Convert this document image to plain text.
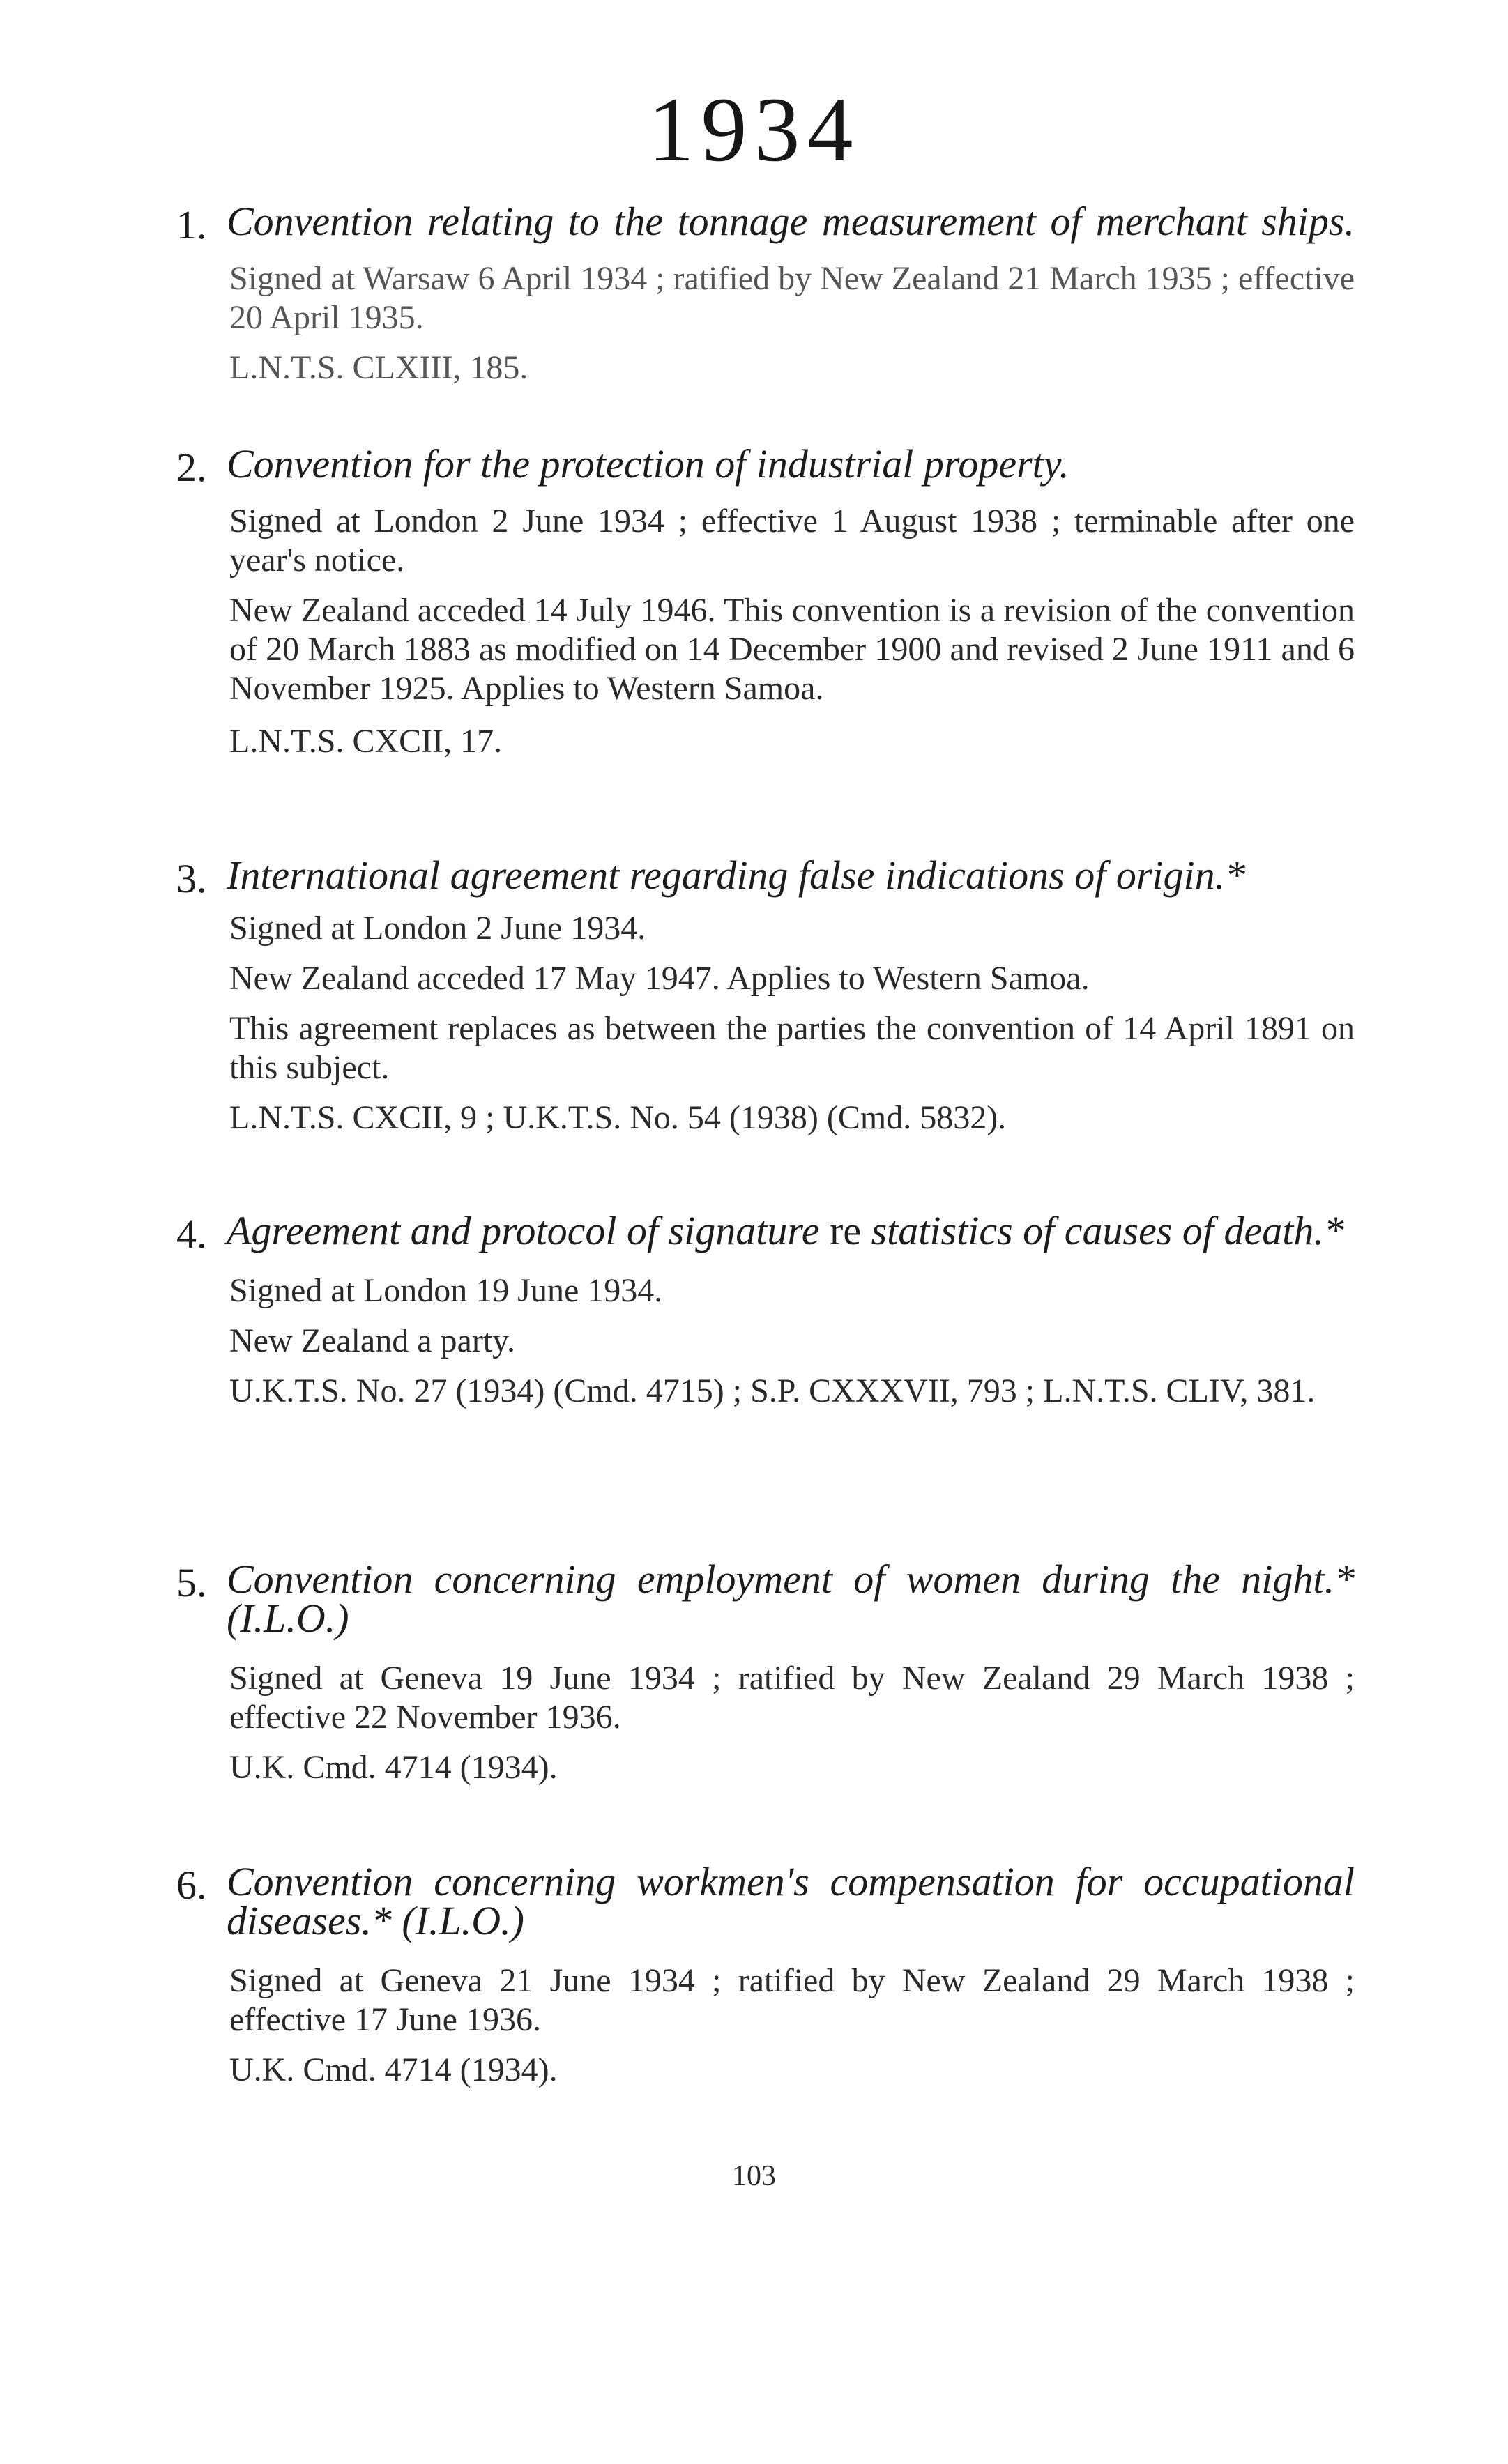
1934
1. Convention relating to the tonnage measurement of merchant ships.
Signed at Warsaw 6 April 1934 ; ratified by New Zealand 21 March 1935 ; effective 20 April 1935.
L.N.T.S. CLXIII, 185.
2. Convention for the protection of industrial property.
Signed at London 2 June 1934 ; effective 1 August 1938 ; terminable after one year's notice.
New Zealand acceded 14 July 1946. This convention is a revision of the convention of 20 March 1883 as modified on 14 December 1900 and revised 2 June 1911 and 6 November 1925. Applies to Western Samoa.
L.N.T.S. CXCII, 17.
3. International agreement regarding false indications of origin.*
Signed at London 2 June 1934.
New Zealand acceded 17 May 1947. Applies to Western Samoa.
This agreement replaces as between the parties the convention of 14 April 1891 on this subject.
L.N.T.S. CXCII, 9 ; U.K.T.S. No. 54 (1938) (Cmd. 5832).
4. Agreement and protocol of signature re statistics of causes of death.*
Signed at London 19 June 1934.
New Zealand a party.
U.K.T.S. No. 27 (1934) (Cmd. 4715) ; S.P. CXXXVII, 793 ; L.N.T.S. CLIV, 381.
5. Convention concerning employment of women during the night.* (I.L.O.)
Signed at Geneva 19 June 1934 ; ratified by New Zealand 29 March 1938 ; effective 22 November 1936.
U.K. Cmd. 4714 (1934).
6. Convention concerning workmen's compensation for occupational diseases.* (I.L.O.)
Signed at Geneva 21 June 1934 ; ratified by New Zealand 29 March 1938 ; effective 17 June 1936.
U.K. Cmd. 4714 (1934).
103
